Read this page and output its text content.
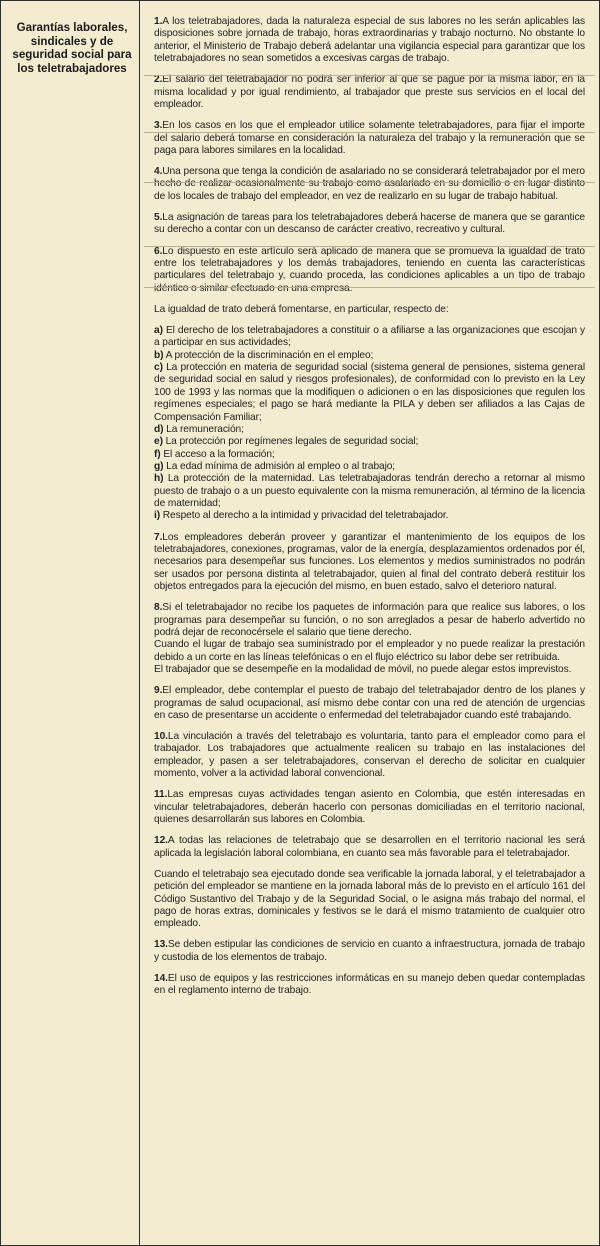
Garantías laborales, sindicales y de seguridad social para los teletrabajadores

1.A los teletrabajadores, dada la naturaleza especial de sus labores no les serán aplicables las disposiciones sobre jornada de trabajo, horas extraordinarias y trabajo nocturno. No obstante lo anterior, el Ministerio de Trabajo deberá adelantar una vigilancia especial para garantizar que los teletrabajadores no sean sometidos a excesivas cargas de trabajo.

2.El salario del teletrabajador no podrá ser inferior al que se pague por la misma labor, en la misma localidad y por igual rendimiento, al trabajador que preste sus servicios en el local del empleador.

3.En los casos en los que el empleador utilice solamente teletrabajadores, para fijar el importe del salario deberá tomarse en consideración la naturaleza del trabajo y la remuneración que se paga para labores similares en la localidad.

4.Una persona que tenga la condición de asalariado no se considerará teletrabajador por el mero hecho de realizar ocasionalmente su trabajo como asalariado en su domicilio o en lugar distinto de los locales de trabajo del empleador, en vez de realizarlo en su lugar de trabajo habitual.

5.La asignación de tareas para los teletrabajadores deberá hacerse de manera que se garantice su derecho a contar con un descanso de carácter creativo, recreativo y cultural.

6.Lo dispuesto en este artículo será aplicado de manera que se promueva la igualdad de trato entre los teletrabajadores y los demás trabajadores, teniendo en cuenta las características particulares del teletrabajo y, cuando proceda, las condiciones aplicables a un tipo de trabajo idéntico o similar efectuado en una empresa.

La igualdad de trato deberá fomentarse, en particular, respecto de:

a) El derecho de los teletrabajadores a constituir o a afiliarse a las organizaciones que escojan y a participar en sus actividades;
b) A protección de la discriminación en el empleo;
c) La protección en materia de seguridad social (sistema general de pensiones, sistema general de seguridad social en salud y riesgos profesionales), de conformidad con lo previsto en la Ley 100 de 1993 y las normas que la modifiquen o adicionen o en las disposiciones que regulen los regímenes especiales; el pago se hará mediante la PILA y deben ser afiliados a las Cajas de Compensación Familiar;
d) La remuneración;
e) La protección por regímenes legales de seguridad social;
f) El acceso a la formación;
g) La edad mínima de admisión al empleo o al trabajo;
h) La protección de la maternidad. Las teletrabajadoras tendrán derecho a retornar al mismo puesto de trabajo o a un puesto equivalente con la misma remuneración, al término de la licencia de maternidad;
i) Respeto al derecho a la intimidad y privacidad del teletrabajador.

7.Los empleadores deberán proveer y garantizar el mantenimiento de los equipos de los teletrabajadores, conexiones, programas, valor de la energía, desplazamientos ordenados por él, necesarios para desempeñar sus funciones. Los elementos y medios suministrados no podrán ser usados por persona distinta al teletrabajador, quien al final del contrato deberá restituir los objetos entregados para la ejecución del mismo, en buen estado, salvo el deterioro natural.

8.Si el teletrabajador no recibe los paquetes de información para que realice sus labores, o los programas para desempeñar su función, o no son arreglados a pesar de haberlo advertido no podrá dejar de reconocérsele el salario que tiene derecho.
Cuando el lugar de trabajo sea suministrado por el empleador y no puede realizar la prestación debido a un corte en las líneas telefónicas o en el flujo eléctrico su labor debe ser retribuida.
El trabajador que se desempeñe en la modalidad de móvil, no puede alegar estos imprevistos.

9.El empleador, debe contemplar el puesto de trabajo del teletrabajador dentro de los planes y programas de salud ocupacional, así mismo debe contar con una red de atención de urgencias en caso de presentarse un accidente o enfermedad del teletrabajador cuando esté trabajando.

10.La vinculación a través del teletrabajo es voluntaria, tanto para el empleador como para el trabajador. Los trabajadores que actualmente realicen su trabajo en las instalaciones del empleador, y pasen a ser teletrabajadores, conservan el derecho de solicitar en cualquier momento, volver a la actividad laboral convencional.

11.Las empresas cuyas actividades tengan asiento en Colombia, que estén interesadas en vincular teletrabajadores, deberán hacerlo con personas domiciliadas en el territorio nacional, quienes desarrollarán sus labores en Colombia.

12.A todas las relaciones de teletrabajo que se desarrollen en el territorio nacional les será aplicada la legislación laboral colombiana, en cuanto sea más favorable para el teletrabajador.

Cuando el teletrabajo sea ejecutado donde sea verificable la jornada laboral, y el teletrabajador a petición del empleador se mantiene en la jornada laboral más de lo previsto en el artículo 161 del Código Sustantivo del Trabajo y de la Seguridad Social, o le asigna más trabajo del normal, el pago de horas extras, dominicales y festivos se le dará el mismo tratamiento de cualquier otro empleado.

13.Se deben estipular las condiciones de servicio en cuanto a infraestructura, jornada de trabajo y custodia de los elementos de trabajo.

14.El uso de equipos y las restricciones informáticas en su manejo deben quedar contempladas en el reglamento interno de trabajo.
